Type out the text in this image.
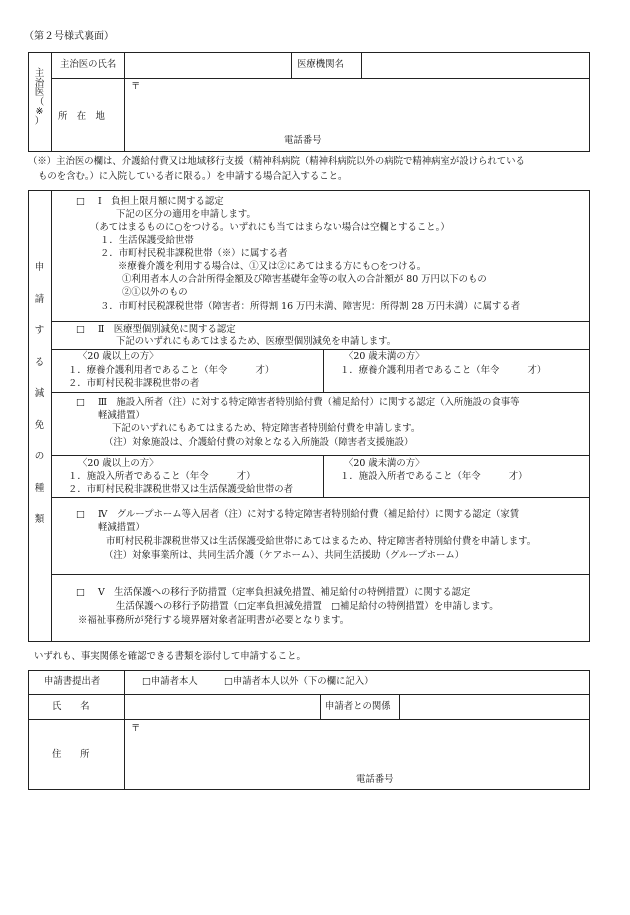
（第２号様式裏面）
主
治
医
（
※
）
主治医の氏名	医療機関名
所　在　地
〒
電話番号
（※）主治医の欄は、介護給付費又は地域移行支援（精神科病院（精神科病院以外の病院で精神病室が設けられている
ものを含む。）に入院している者に限る。）を申請する場合記入すること。
申
請
す
る
減
免
の
種
類
□ Ⅰ　負担上限月額に関する認定
下記の区分の適用を申請します。
（あてはまるものに○をつける。いずれにも当てはまらない場合は空欄とすること。）
１．生活保護受給世帯
２．市町村民税非課税世帯（※）に属する者
※療養介護を利用する場合は、①又は②にあてはまる方にも○をつける。
①利用者本人の合計所得金額及び障害基礎年金等の収入の合計額が 80 万円以下のもの
②①以外のもの
３．市町村民税課税世帯（障害者：所得割 16 万円未満、障害児：所得割 28 万円未満）に属する者
□ Ⅱ　医療型個別減免に関する認定
下記のいずれにもあてはまるため、医療型個別減免を申請します。
〈20 歳以上の方〉
１．療養介護利用者であること（年令　　　才）
２．市町村民税非課税世帯の者
〈20 歳未満の方〉
１．療養介護利用者であること（年令　　　才）
□ Ⅲ　施設入所者（注）に対する特定障害者特別給付費（補足給付）に関する認定（入所施設の食事等
軽減措置）
下記のいずれにもあてはまるため、特定障害者特別給付費を申請します。
（注）対象施設は、介護給付費の対象となる入所施設（障害者支援施設）
〈20 歳以上の方〉
１．施設入所者であること（年令　　　才）
２．市町村民税非課税世帯又は生活保護受給世帯の者
〈20 歳未満の方〉
１．施設入所者であること（年令　　　才）
□ Ⅳ　グループホーム等入居者（注）に対する特定障害者特別給付費（補足給付）に関する認定（家賃
軽減措置）
市町村民税非課税世帯又は生活保護受給世帯にあてはまるため、特定障害者特別給付費を申請します。
（注）対象事業所は、共同生活介護（ケアホーム）、共同生活援助（グループホーム）
□ Ⅴ　生活保護への移行予防措置（定率負担減免措置、補足給付の特例措置）に関する認定
生活保護への移行予防措置（□定率負担減免措置　□補足給付の特例措置）を申請します。
※福祉事務所が発行する境界層対象者証明書が必要となります。
いずれも、事実関係を確認できる書類を添付して申請すること。
申請書提出者	□申請者本人	□申請者本人以外（下の欄に記入）
氏　　名	申請者との関係
住　　所
〒
電話番号
